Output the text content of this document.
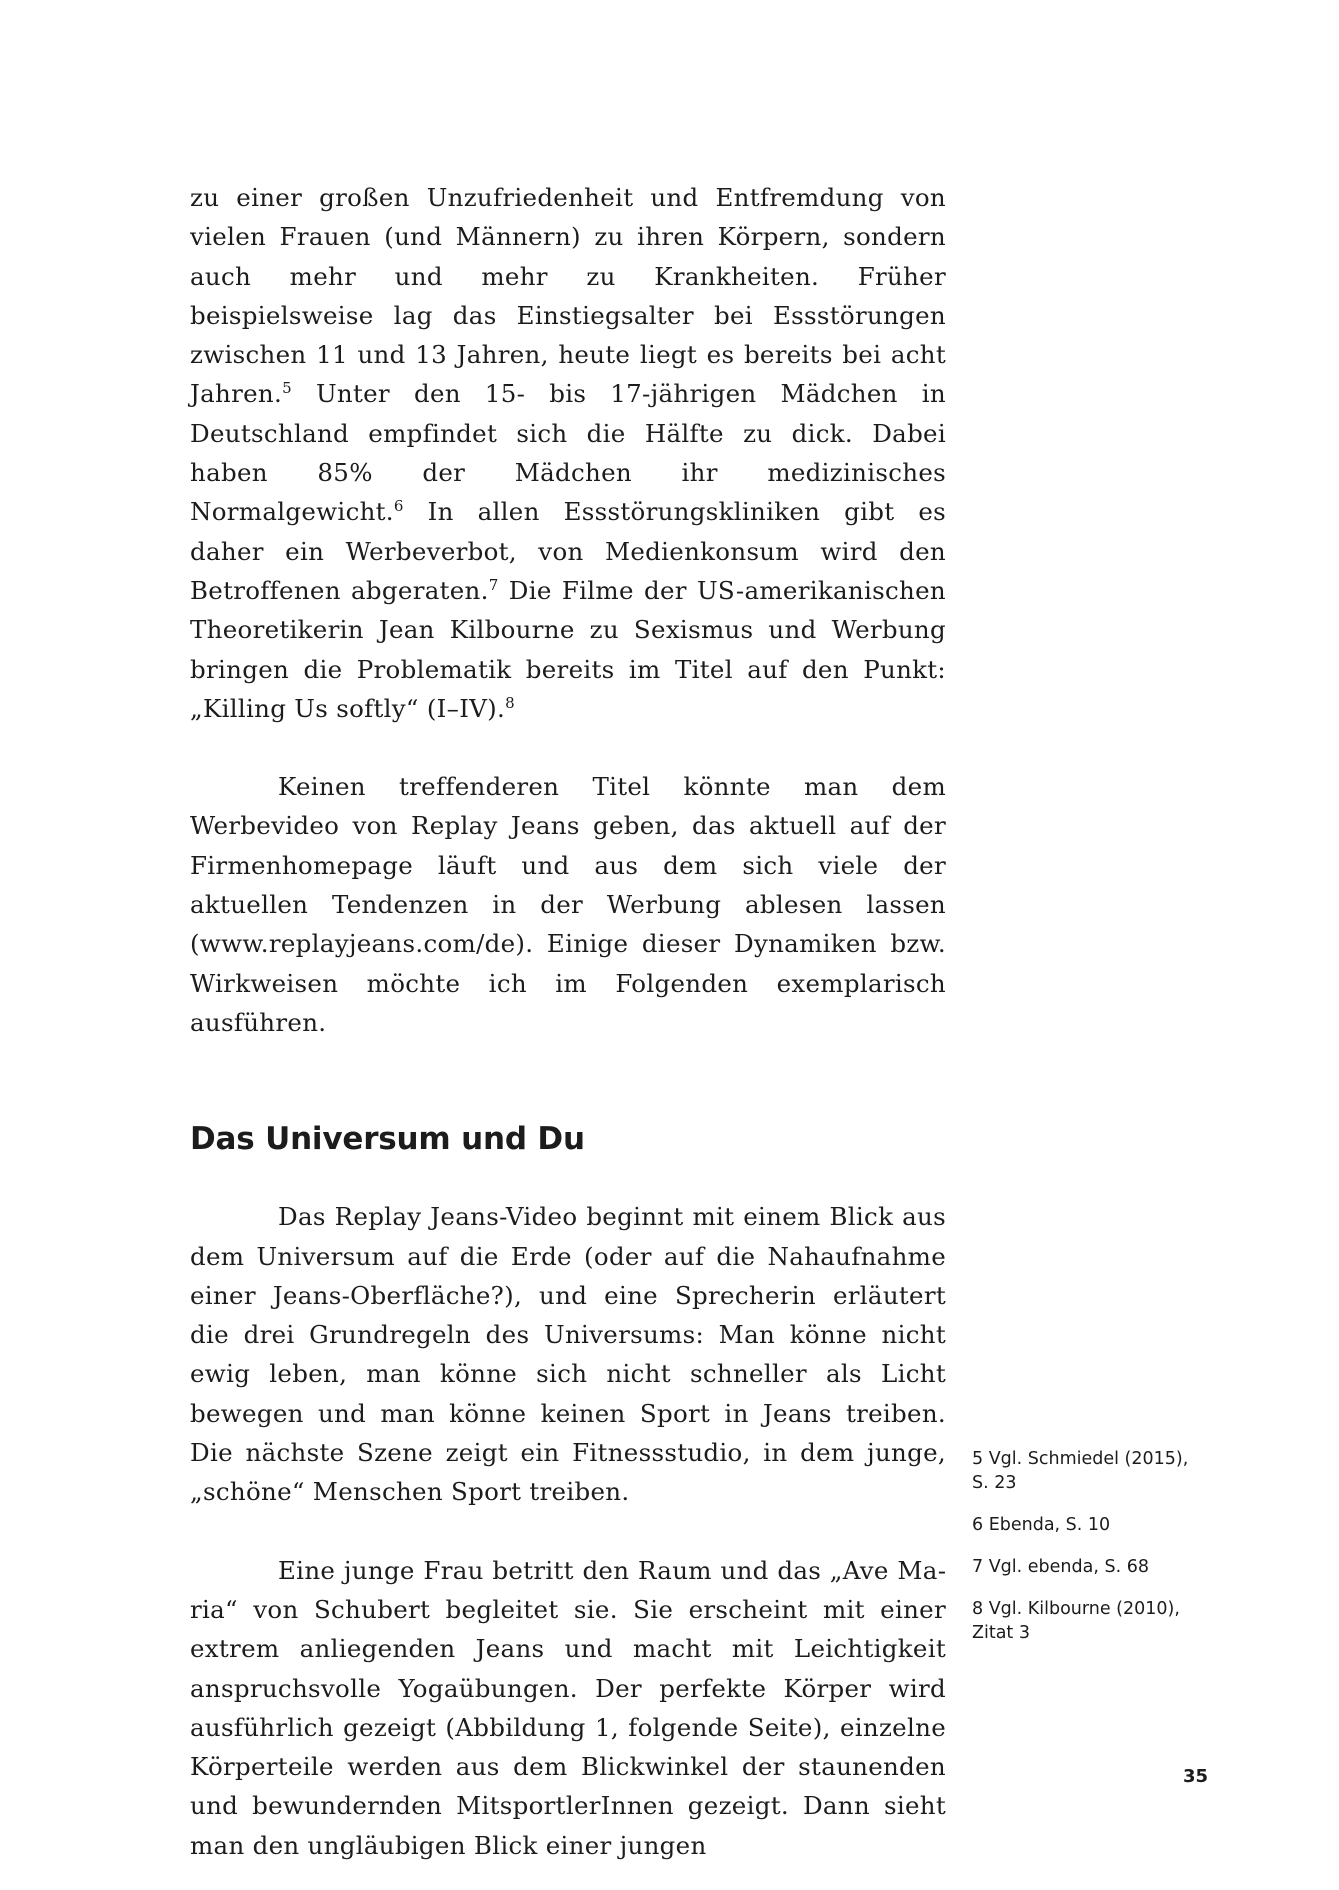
zu einer großen Unzufriedenheit und Entfremdung von vielen Frauen (und Männern) zu ihren Körpern, sondern auch mehr und mehr zu Krankheiten. Früher beispielsweise lag das Einstiegsalter bei Essstörungen zwischen 11 und 13 Jahren, heute liegt es bereits bei acht Jahren.$^5$ Unter den 15- bis 17-jährigen Mädchen in Deutschland empfindet sich die Hälfte zu dick. Dabei haben 85% der Mädchen ihr medizinisches Normalgewicht.$^6$ In allen Essstörungskliniken gibt es daher ein Werbeverbot, von Medienkonsum wird den Betroffenen abgeraten.$^7$ Die Filme der US-amerikanischen Theoretikerin Jean Kilbourne zu Sexismus und Werbung bringen die Problematik bereits im Titel auf den Punkt: „Killing Us softly“ (I–IV).$^8$

Keinen treffenderen Titel könnte man dem Werbevideo von Replay Jeans geben, das aktuell auf der Firmenhomepage läuft und aus dem sich viele der aktuellen Tendenzen in der Werbung ablesen lassen (www.replayjeans.com/de). Einige dieser Dynamiken bzw. Wirkweisen möchte ich im Folgenden exemplarisch ausführen.

Das Universum und Du

Das Replay Jeans-Video beginnt mit einem Blick aus dem Universum auf die Erde (oder auf die Nahaufnahme einer Jeans-Oberfläche?), und eine Sprecherin erläutert die drei Grundregeln des Universums: Man könne nicht ewig leben, man könne sich nicht schneller als Licht bewegen und man könne keinen Sport in Jeans treiben. Die nächste Szene zeigt ein Fitnessstudio, in dem junge, „schöne“ Menschen Sport treiben.

Eine junge Frau betritt den Raum und das „Ave Maria“ von Schubert begleitet sie. Sie erscheint mit einer extrem anliegenden Jeans und macht mit Leichtigkeit anspruchsvolle Yogaübungen. Der perfekte Körper wird ausführlich gezeigt (Abbildung 1, folgende Seite), einzelne Körperteile werden aus dem Blickwinkel der staunenden und bewundernden MitsportlerInnen gezeigt. Dann sieht man den ungläubigen Blick einer jungen

5 Vgl. Schmiedel (2015), S. 23

6 Ebenda, S. 10

7 Vgl. ebenda, S. 68

8 Vgl. Kilbourne (2010), Zitat 3

35
